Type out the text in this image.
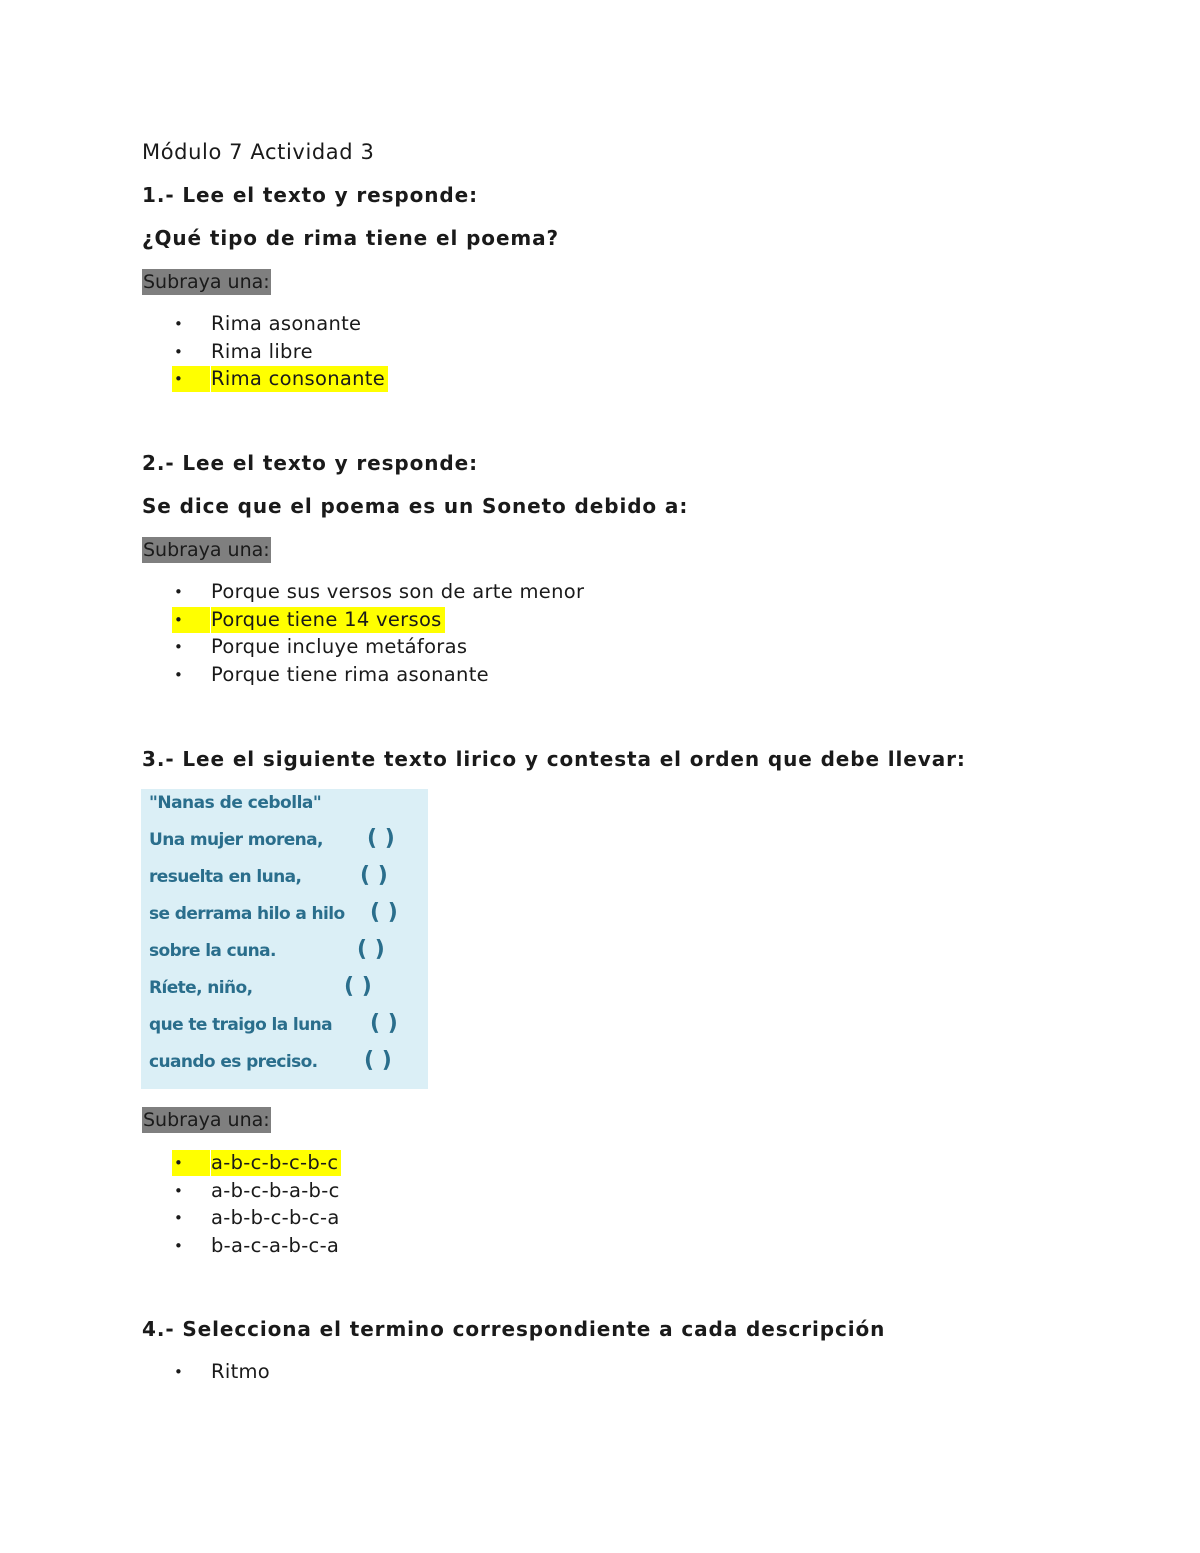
Módulo 7 Actividad 3
1.- Lee el texto y responde:
¿Qué tipo de rima tiene el poema?
Subraya una:
•	Rima asonante
•	Rima libre
•	Rima consonante
2.- Lee el texto y responde:
Se dice que el poema es un Soneto debido a:
Subraya una:
•	Porque sus versos son de arte menor
•	Porque tiene 14 versos
•	Porque incluye metáforas
•	Porque tiene rima asonante
3.- Lee el siguiente texto lirico y contesta el orden que debe llevar:
"Nanas de cebolla"
Una mujer morena, ( )
resuelta en luna,	( )
se derrama hilo a hilo ( )
sobre la cuna.	( )
Ríete, niño,	( )
que te traigo la luna ( )
cuando es preciso. ( )
Subraya una:
•	a-b-c-b-c-b-c
•	a-b-c-b-a-b-c
•	a-b-b-c-b-c-a
•	b-a-c-a-b-c-a
4.- Selecciona el termino correspondiente a cada descripción
•	Ritmo
